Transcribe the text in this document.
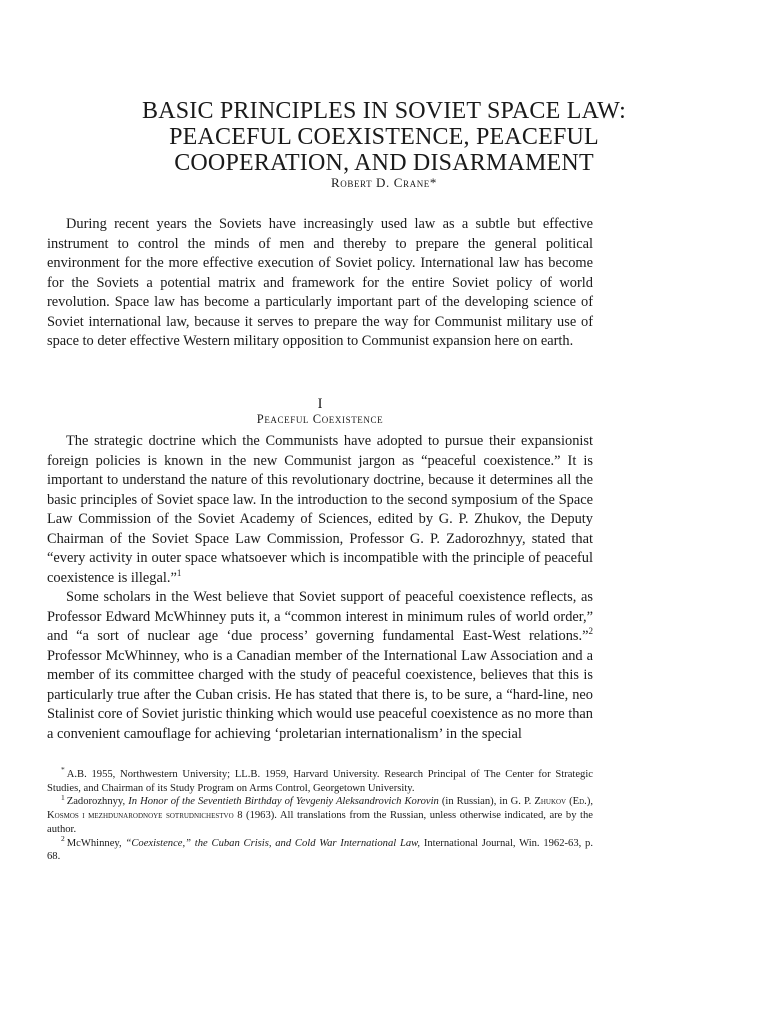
BASIC PRINCIPLES IN SOVIET SPACE LAW:
PEACEFUL COEXISTENCE, PEACEFUL
COOPERATION, AND DISARMAMENT
Robert D. Crane*

During recent years the Soviets have increasingly used law as a subtle but effective instrument to control the minds of men and thereby to prepare the general political environment for the more effective execution of Soviet policy. International law has become for the Soviets a potential matrix and framework for the entire Soviet policy of world revolution. Space law has become a particularly important part of the developing science of Soviet international law, because it serves to prepare the way for Communist military use of space to deter effective Western military opposition to Communist expansion here on earth.

I
Peaceful Coexistence

The strategic doctrine which the Communists have adopted to pursue their expansionist foreign policies is known in the new Communist jargon as “peaceful coexistence.” It is important to understand the nature of this revolutionary doctrine, because it determines all the basic principles of Soviet space law. In the introduction to the second symposium of the Space Law Commission of the Soviet Academy of Sciences, edited by G. P. Zhukov, the Deputy Chairman of the Soviet Space Law Commission, Professor G. P. Zadorozhnyy, stated that “every activity in outer space whatsoever which is incompatible with the principle of peaceful coexistence is illegal.”$^1$

Some scholars in the West believe that Soviet support of peaceful coexistence reflects, as Professor Edward McWhinney puts it, a “common interest in minimum rules of world order,” and “a sort of nuclear age ‘due process’ governing fundamental East-West relations.”$^2$ Professor McWhinney, who is a Canadian member of the International Law Association and a member of its committee charged with the study of peaceful coexistence, believes that this is particularly true after the Cuban crisis. He has stated that there is, to be sure, a “hard-line, neo Stalinist core of Soviet juristic thinking which would use peaceful coexistence as no more than a convenient camouflage for achieving ‘proletarian internationalism’ in the special

* A.B. 1955, Northwestern University; LL.B. 1959, Harvard University. Research Principal of The Center for Strategic Studies, and Chairman of its Study Program on Arms Control, Georgetown University.

$^1$ Zadorozhnyy, In Honor of the Seventieth Birthday of Yevgeniy Aleksandrovich Korovin (in Russian), in G. P. Zhukov (Ed.), Kosmos i mezhdunarodnoye sotrudnichestvo 8 (1963). All translations from the Russian, unless otherwise indicated, are by the author.

$^2$ McWhinney, “Coexistence,” the Cuban Crisis, and Cold War International Law, International Journal, Win. 1962-63, p. 68.
